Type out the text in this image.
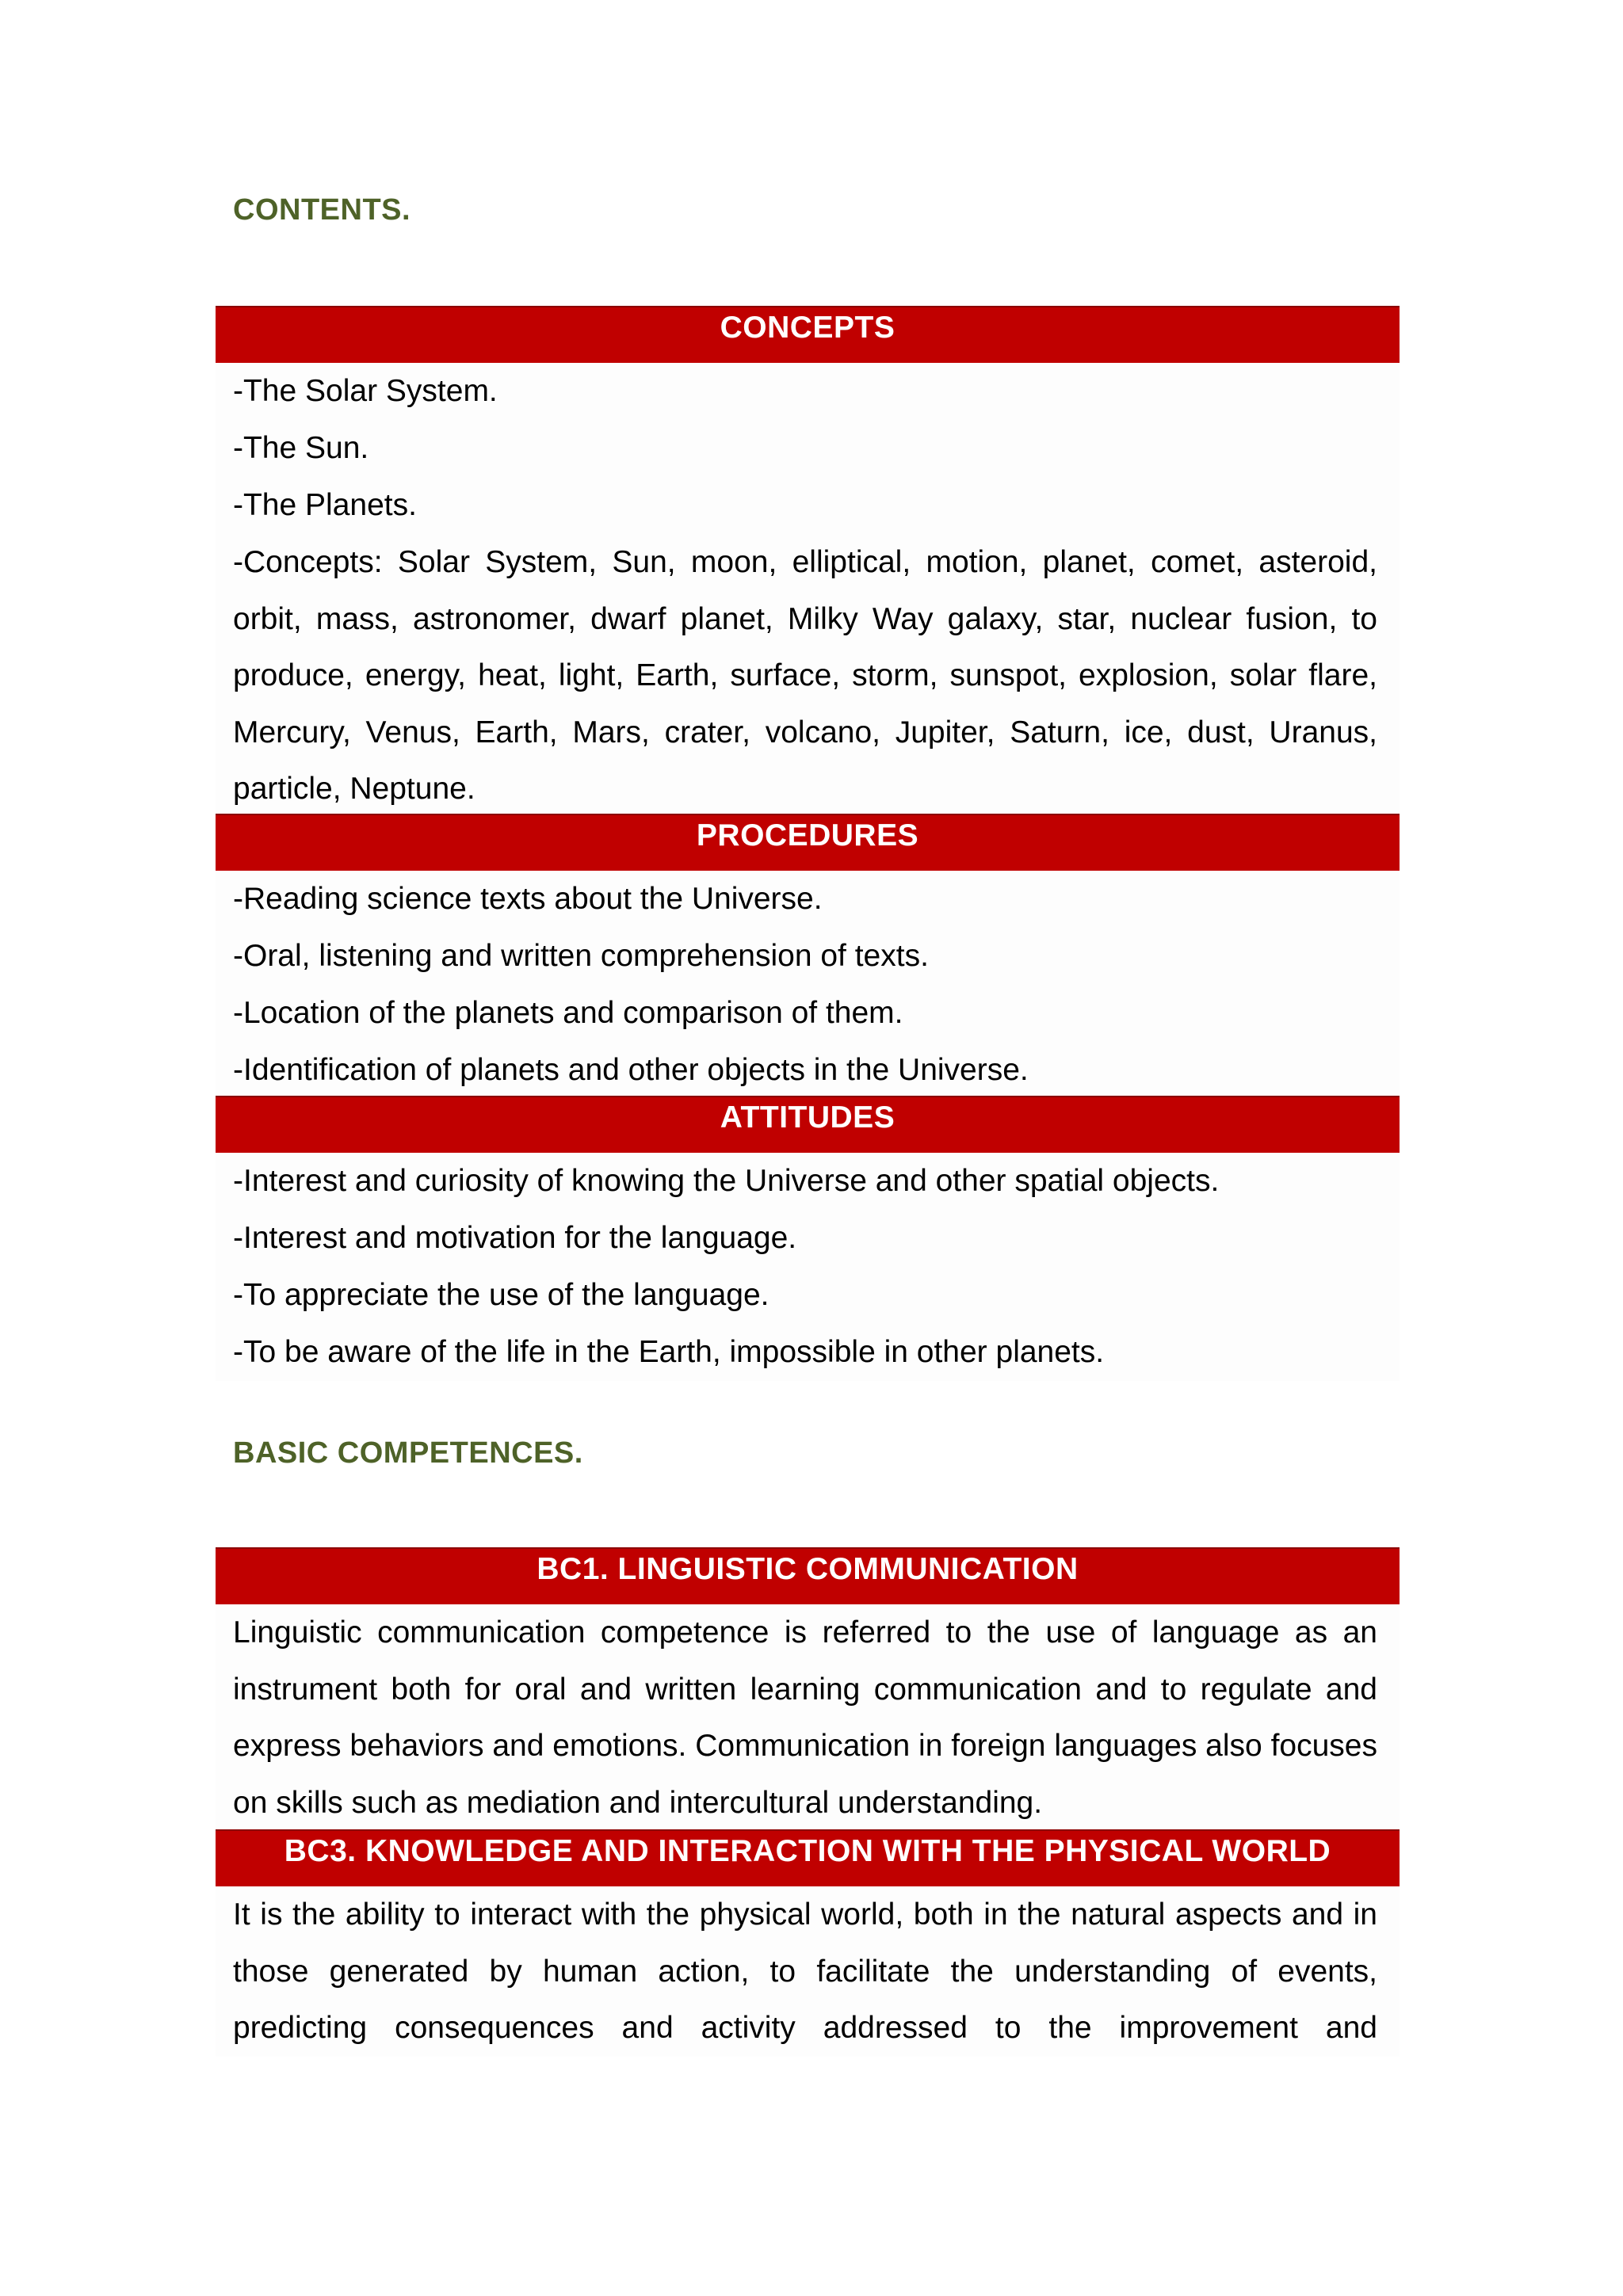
CONTENTS.
CONCEPTS
-The Solar System.
-The Sun.
-The Planets.

-Concepts: Solar System, Sun, moon, elliptical, motion, planet, comet, asteroid, orbit, mass, astronomer, dwarf planet, Milky Way galaxy, star, nuclear fusion, to produce, energy, heat, light, Earth, surface, storm, sunspot, explosion, solar flare, Mercury, Venus, Earth, Mars, crater, volcano, Jupiter, Saturn, ice, dust, Uranus, particle, Neptune.

PROCEDURES
-Reading science texts about the Universe.
-Oral, listening and written comprehension of texts.
-Location of the planets and comparison of them.
-Identification of planets and other objects in the Universe.
ATTITUDES
-Interest and curiosity of knowing the Universe and other spatial objects.
-Interest and motivation for the language.
-To appreciate the use of the language.
-To be aware of the life in the Earth, impossible in other planets.
BASIC COMPETENCES.
BC1. LINGUISTIC COMMUNICATION

Linguistic communication competence is referred to the use of language as an instrument both for oral and written learning communication and to regulate and express behaviors and emotions. Communication in foreign languages also focuses on skills such as mediation and intercultural understanding.

BC3. KNOWLEDGE AND INTERACTION WITH THE PHYSICAL WORLD

It is the ability to interact with the physical world, both in the natural aspects and in those generated by human action, to facilitate the understanding of events, predicting consequences and activity addressed to the improvement and
